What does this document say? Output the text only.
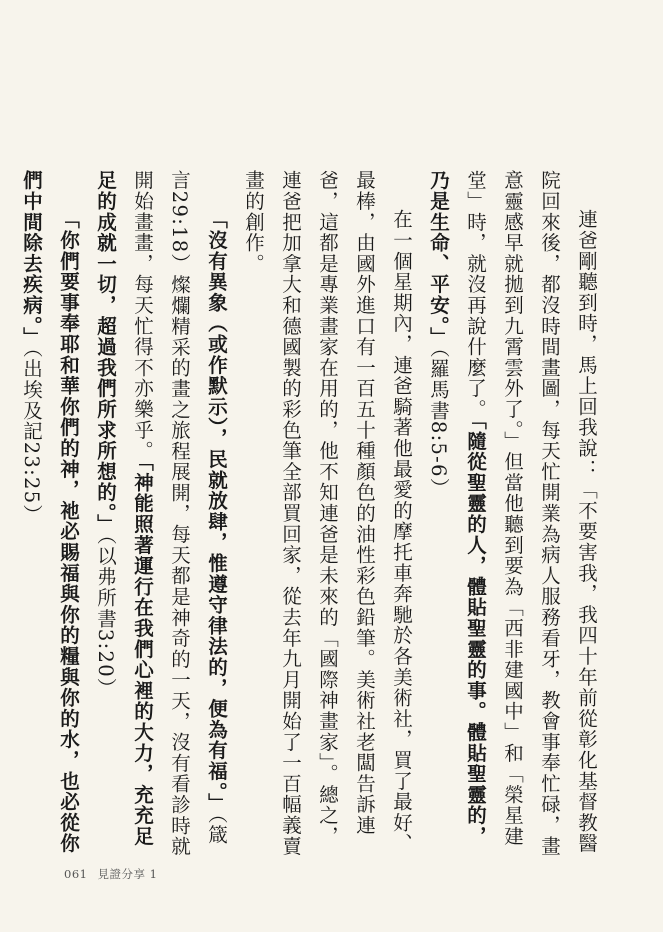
連爸剛聽到時，馬上回我說：「不要害我，我四十年前從彰化基督教醫院回來後，都沒時間畫圖，每天忙開業為病人服務看牙，教會事奉忙碌，畫意靈感早就拋到九霄雲外了。」但當他聽到要為「西非建國中」和「榮星建堂」時，就沒再說什麼了。「隨從聖靈的人，體貼聖靈的事。體貼聖靈的，乃是生命、平安。」（羅馬書8:5-6）

在一個星期內，連爸騎著他最愛的摩托車奔馳於各美術社，買了最好、最棒，由國外進口有一百五十種顏色的油性彩色鉛筆。美術社老闆告訴連爸，這都是專業畫家在用的，他不知連爸是未來的「國際神畫家」。總之，連爸把加拿大和德國製的彩色筆全部買回家，從去年九月開始了一百幅義賣畫的創作。

「沒有異象（或作默示），民就放肆，惟遵守律法的，便為有福。」（箴言29:18）燦爛精采的畫之旅程展開，每天都是神奇的一天，沒有看診時就開始畫畫，每天忙得不亦樂乎。「神能照著運行在我們心裡的大力，充充足足的成就一切，超過我們所求所想的。」（以弗所書3:20）

「你們要事奉耶和華你們的神，祂必賜福與你的糧與你的水，也必從你們中間除去疾病。」（出埃及記23:25）

061 見證分享 1
